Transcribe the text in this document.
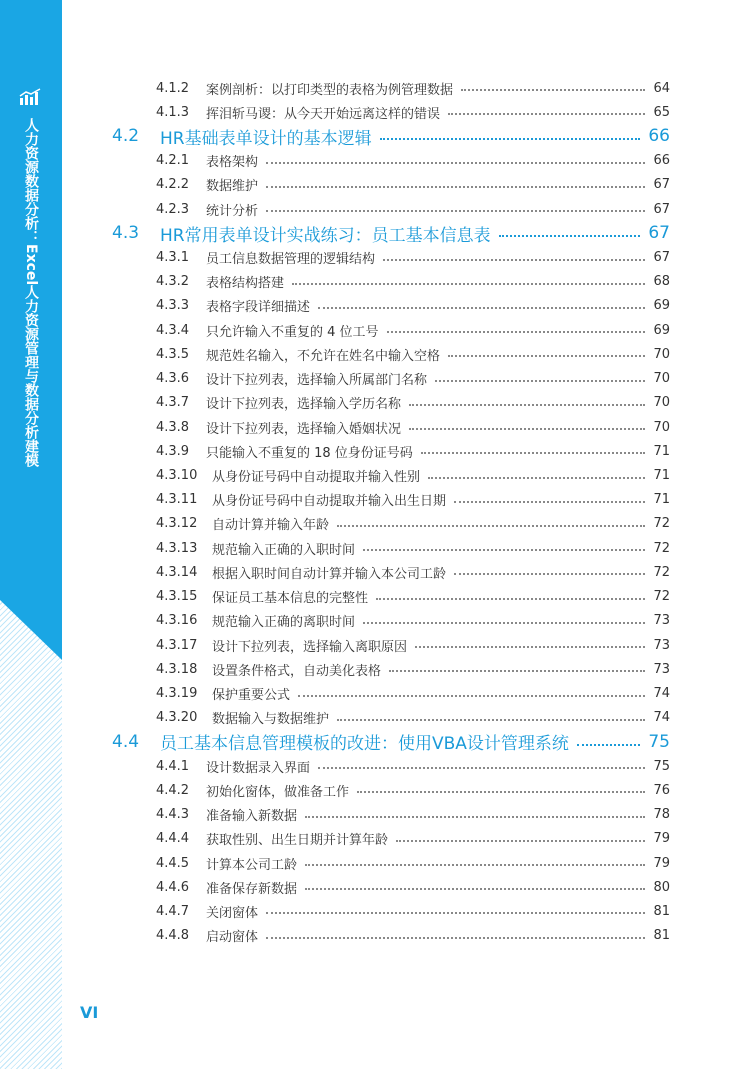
人力资源数据分析：Excel人力资源管理与数据分析建模
4.1.2 案例剖析：以打印类型的表格为例管理数据	64
4.1.3 挥泪斩马谡：从今天开始远离这样的错误	65
4.2 HR基础表单设计的基本逻辑	66
4.2.1 表格架构	66
4.2.2 数据维护	67
4.2.3 统计分析	67
4.3 HR常用表单设计实战练习：员工基本信息表	67
4.3.1 员工信息数据管理的逻辑结构	67
4.3.2 表格结构搭建	68
4.3.3 表格字段详细描述	69
4.3.4 只允许输入不重复的 4 位工号	69
4.3.5 规范姓名输入，不允许在姓名中输入空格	70
4.3.6 设计下拉列表，选择输入所属部门名称	70
4.3.7 设计下拉列表，选择输入学历名称	70
4.3.8 设计下拉列表，选择输入婚姻状况	70
4.3.9 只能输入不重复的 18 位身份证号码	71
4.3.10 从身份证号码中自动提取并输入性别	71
4.3.11 从身份证号码中自动提取并输入出生日期	71
4.3.12 自动计算并输入年龄	72
4.3.13 规范输入正确的入职时间	72
4.3.14 根据入职时间自动计算并输入本公司工龄	72
4.3.15 保证员工基本信息的完整性	72
4.3.16 规范输入正确的离职时间	73
4.3.17 设计下拉列表，选择输入离职原因	73
4.3.18 设置条件格式，自动美化表格	73
4.3.19 保护重要公式	74
4.3.20 数据输入与数据维护	74
4.4 员工基本信息管理模板的改进：使用VBA设计管理系统	75
4.4.1 设计数据录入界面	75
4.4.2 初始化窗体，做准备工作	76
4.4.3 准备输入新数据	78
4.4.4 获取性别、出生日期并计算年龄	79
4.4.5 计算本公司工龄	79
4.4.6 准备保存新数据	80
4.4.7 关闭窗体	81
4.4.8 启动窗体	81
VI
